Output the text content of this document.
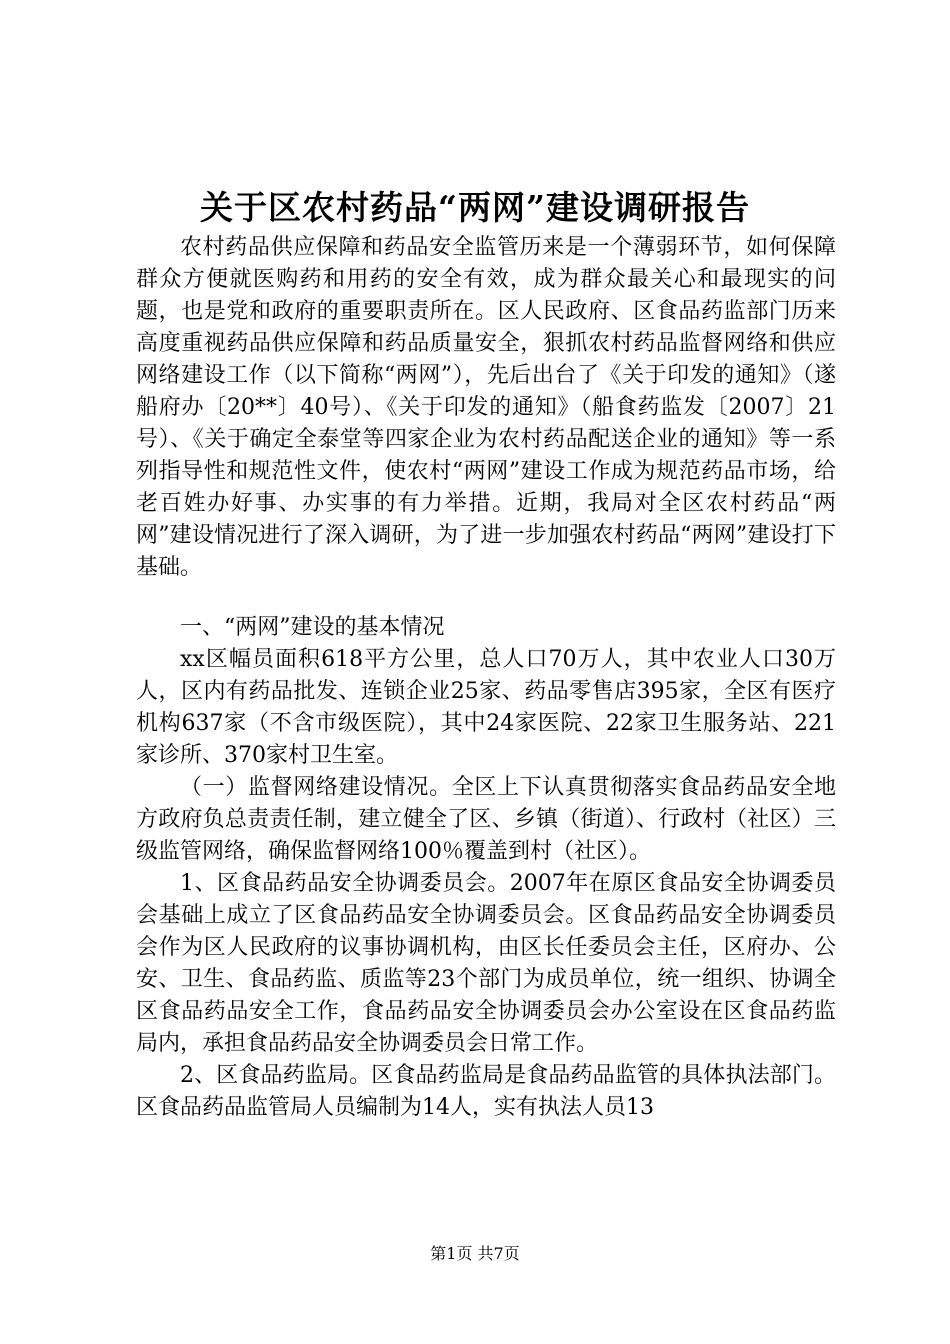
关于区农村药品“两网”建设调研报告

农村药品供应保障和药品安全监管历来是一个薄弱环节，如何保障群众方便就医购药和用药的安全有效，成为群众最关心和最现实的问题，也是党和政府的重要职责所在。区人民政府、区食品药监部门历来高度重视药品供应保障和药品质量安全，狠抓农村药品监督网络和供应网络建设工作（以下简称“两网”），先后出台了《关于印发的通知》（遂船府办〔20**〕40号）、《关于印发的通知》（船食药监发〔2007〕21号）、《关于确定全泰堂等四家企业为农村药品配送企业的通知》等一系列指导性和规范性文件，使农村“两网”建设工作成为规范药品市场，给老百姓办好事、办实事的有力举措。近期，我局对全区农村药品“两网”建设情况进行了深入调研，为了进一步加强农村药品“两网”建设打下基础。

一、“两网”建设的基本情况

xx区幅员面积618平方公里，总人口70万人，其中农业人口30万人，区内有药品批发、连锁企业25家、药品零售店395家，全区有医疗机构637家（不含市级医院），其中24家医院、22家卫生服务站、221家诊所、370家村卫生室。

（一）监督网络建设情况。全区上下认真贯彻落实食品药品安全地方政府负总责责任制，建立健全了区、乡镇（街道）、行政村（社区）三级监管网络，确保监督网络100％覆盖到村（社区）。

1、区食品药品安全协调委员会。2007年在原区食品安全协调委员会基础上成立了区食品药品安全协调委员会。区食品药品安全协调委员会作为区人民政府的议事协调机构，由区长任委员会主任，区府办、公安、卫生、食品药监、质监等23个部门为成员单位，统一组织、协调全区食品药品安全工作，食品药品安全协调委员会办公室设在区食品药监局内，承担食品药品安全协调委员会日常工作。

2、区食品药监局。区食品药监局是食品药品监管的具体执法部门。区食品药品监管局人员编制为14人，实有执法人员13

第1页 共7页
